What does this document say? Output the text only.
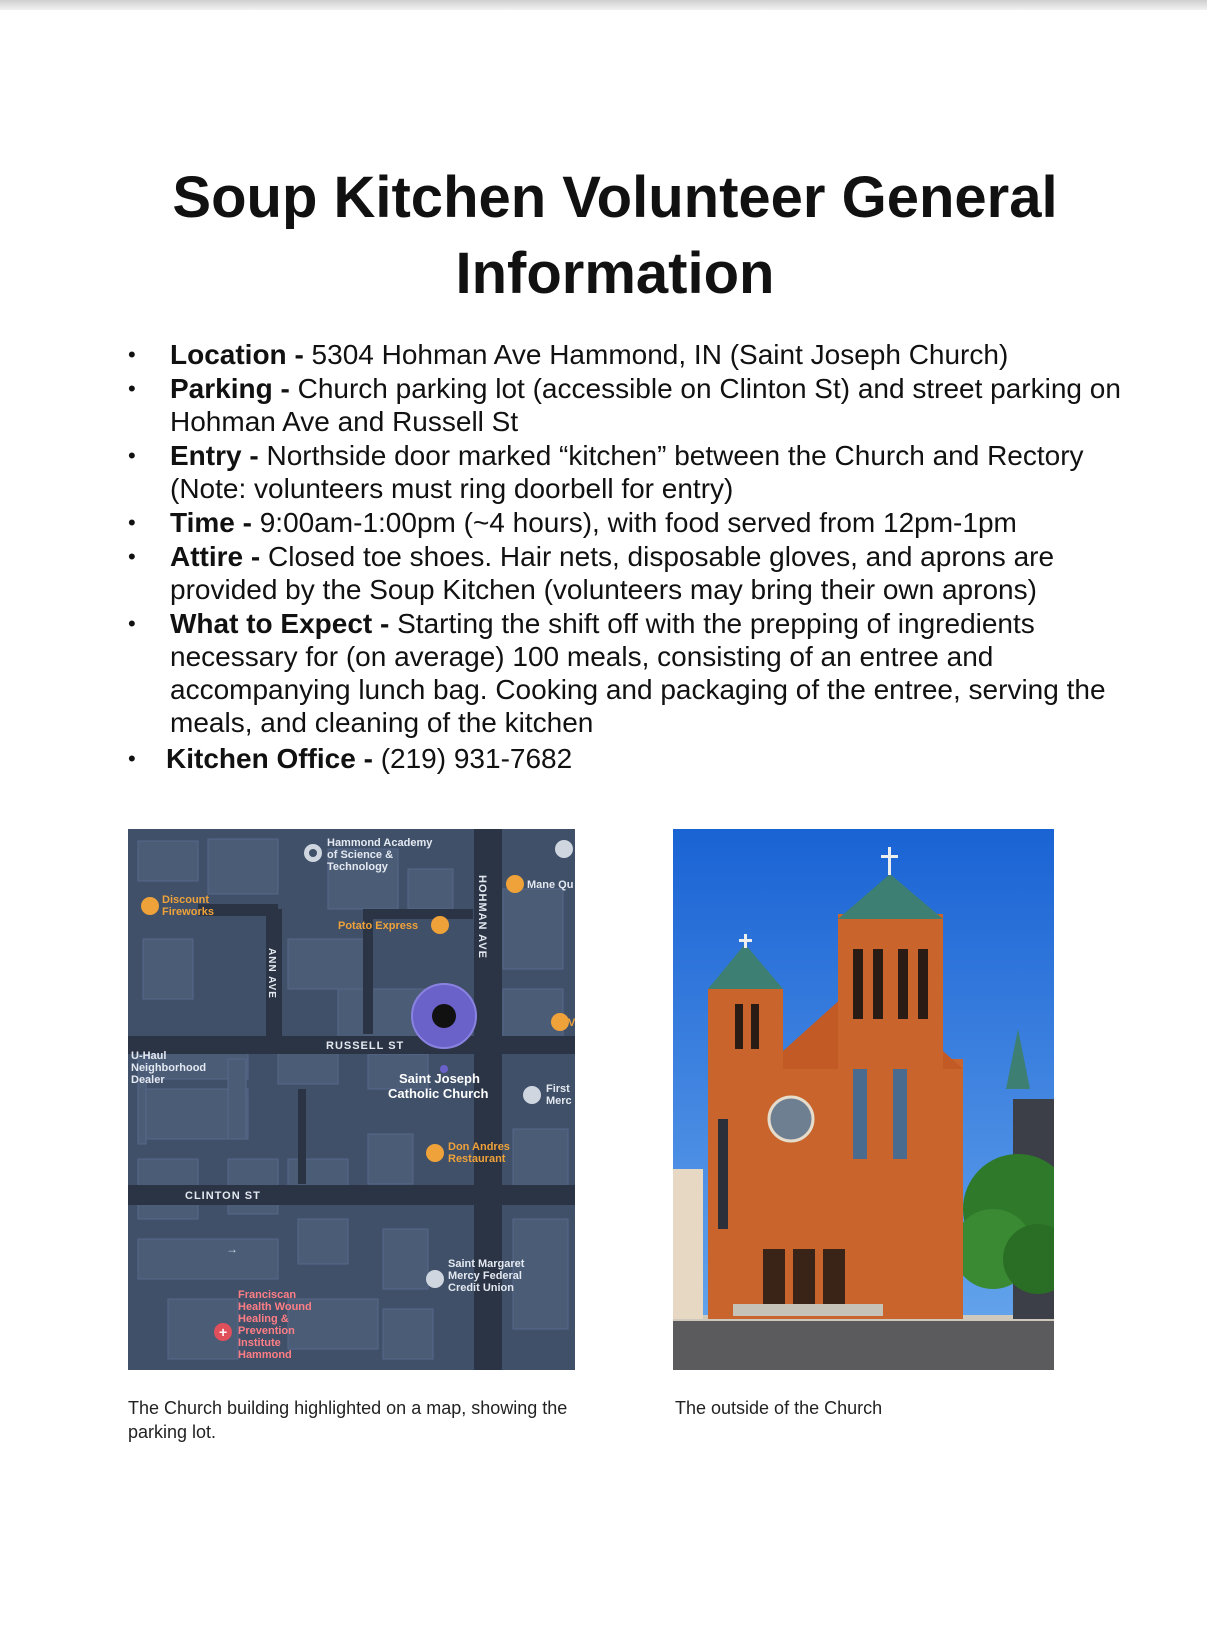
Soup Kitchen Volunteer General Information
• Location - 5304 Hohman Ave Hammond, IN (Saint Joseph Church)
• Parking - Church parking lot (accessible on Clinton St) and street parking on Hohman Ave and Russell St
• Entry - Northside door marked “kitchen” between the Church and Rectory (Note: volunteers must ring doorbell for entry)
• Time - 9:00am-1:00pm (~4 hours), with food served from 12pm-1pm
• Attire - Closed toe shoes. Hair nets, disposable gloves, and aprons are provided by the Soup Kitchen (volunteers may bring their own aprons)
• What to Expect - Starting the shift off with the prepping of ingredients necessary for (on average) 100 meals, consisting of an entree and accompanying lunch bag. Cooking and packaging of the entree, serving the meals, and cleaning of the kitchen
• Kitchen Office - (219) 931-7682
+
Hammond Academy
of Science &
Technology
Mane Qu
HOHMAN AVE
ANN AVE
RUSSELL ST
CLINTON ST
U-Haul
Neighborhood
Dealer
First
Merc
Saint Margaret
Mercy Federal
Credit Union
V
Discount
Fireworks
Potato Express
Don Andres
Restaurant
Saint Joseph
Catholic Church
Franciscan
Health Wound
Healing &
Prevention
Institute
Hammond
→
The Church building highlighted on a map, showing the parking lot.
The outside of the Church
